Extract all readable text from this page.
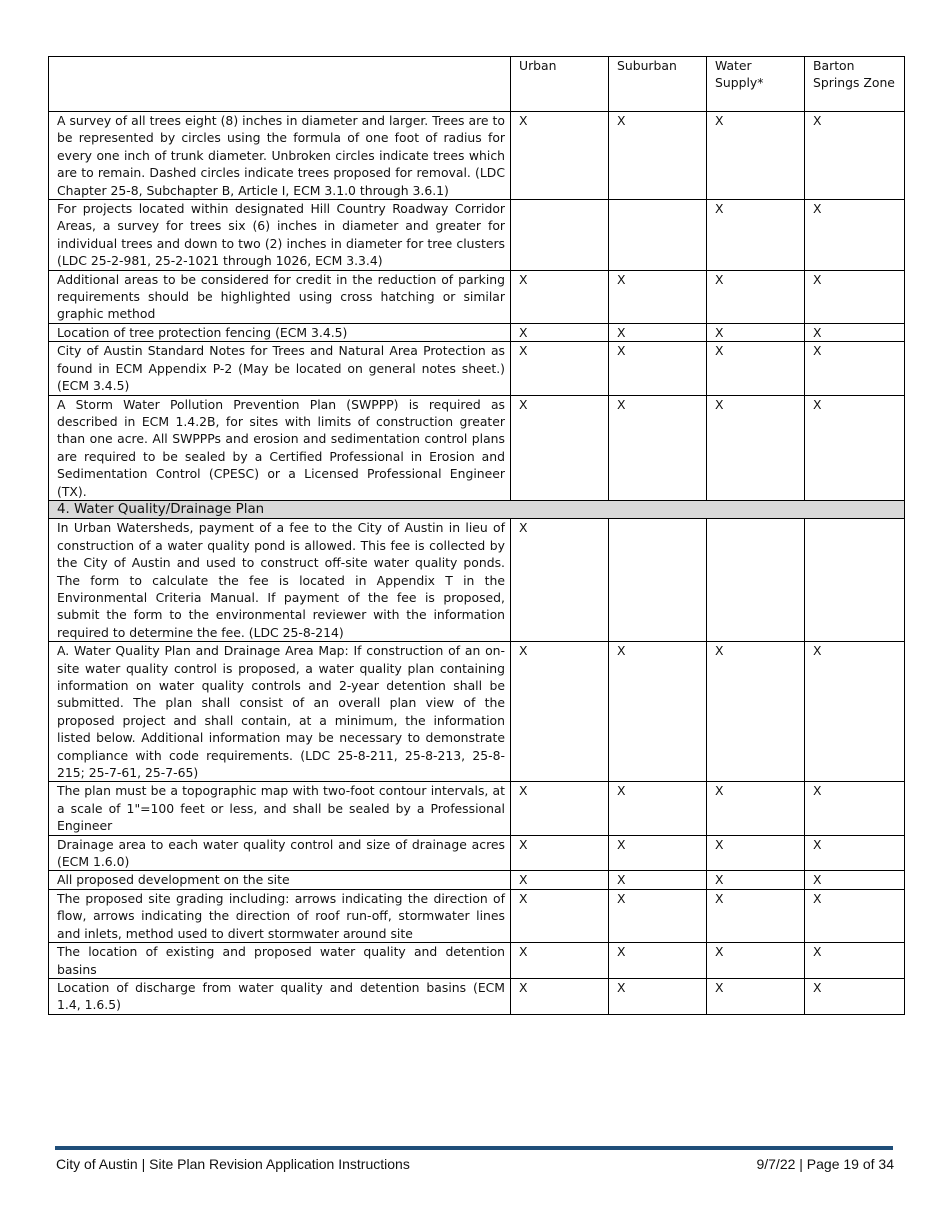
	Urban	Suburban	Water Supply*	Barton Springs Zone
A survey of all trees eight (8) inches in diameter and larger. Trees are to be represented by circles using the formula of one foot of radius for every one inch of trunk diameter. Unbroken circles indicate trees which are to remain. Dashed circles indicate trees proposed for removal. (LDC Chapter 25-8, Subchapter B, Article I, ECM 3.1.0 through 3.6.1)	X	X	X	X
For projects located within designated Hill Country Roadway Corridor Areas, a survey for trees six (6) inches in diameter and greater for individual trees and down to two (2) inches in diameter for tree clusters (LDC 25-2-981, 25-2-1021 through 1026, ECM 3.3.4)			X	X
Additional areas to be considered for credit in the reduction of parking requirements should be highlighted using cross hatching or similar graphic method	X	X	X	X
Location of tree protection fencing (ECM 3.4.5)	X	X	X	X
City of Austin Standard Notes for Trees and Natural Area Protection as found in ECM Appendix P-2 (May be located on general notes sheet.) (ECM 3.4.5)	X	X	X	X
A Storm Water Pollution Prevention Plan (SWPPP) is required as described in ECM 1.4.2B, for sites with limits of construction greater than one acre. All SWPPPs and erosion and sedimentation control plans are required to be sealed by a Certified Professional in Erosion and Sedimentation Control (CPESC) or a Licensed Professional Engineer (TX).	X	X	X	X
4. Water Quality/Drainage Plan				
In Urban Watersheds, payment of a fee to the City of Austin in lieu of construction of a water quality pond is allowed. This fee is collected by the City of Austin and used to construct off-site water quality ponds. The form to calculate the fee is located in Appendix T in the Environmental Criteria Manual. If payment of the fee is proposed, submit the form to the environmental reviewer with the information required to determine the fee. (LDC 25-8-214)	X			
A. Water Quality Plan and Drainage Area Map: If construction of an on-site water quality control is proposed, a water quality plan containing information on water quality controls and 2-year detention shall be submitted. The plan shall consist of an overall plan view of the proposed project and shall contain, at a minimum, the information listed below. Additional information may be necessary to demonstrate compliance with code requirements. (LDC 25-8-211, 25-8-213, 25-8-215; 25-7-61, 25-7-65)	X	X	X	X
The plan must be a topographic map with two-foot contour intervals, at a scale of 1"=100 feet or less, and shall be sealed by a Professional Engineer	X	X	X	X
Drainage area to each water quality control and size of drainage acres (ECM 1.6.0)	X	X	X	X
All proposed development on the site	X	X	X	X
The proposed site grading including: arrows indicating the direction of flow, arrows indicating the direction of roof run-off, stormwater lines and inlets, method used to divert stormwater around site	X	X	X	X
The location of existing and proposed water quality and detention basins	X	X	X	X
Location of discharge from water quality and detention basins (ECM 1.4, 1.6.5)	X	X	X	X
City of Austin | Site Plan Revision Application Instructions	9/7/22 | Page 19 of 34
